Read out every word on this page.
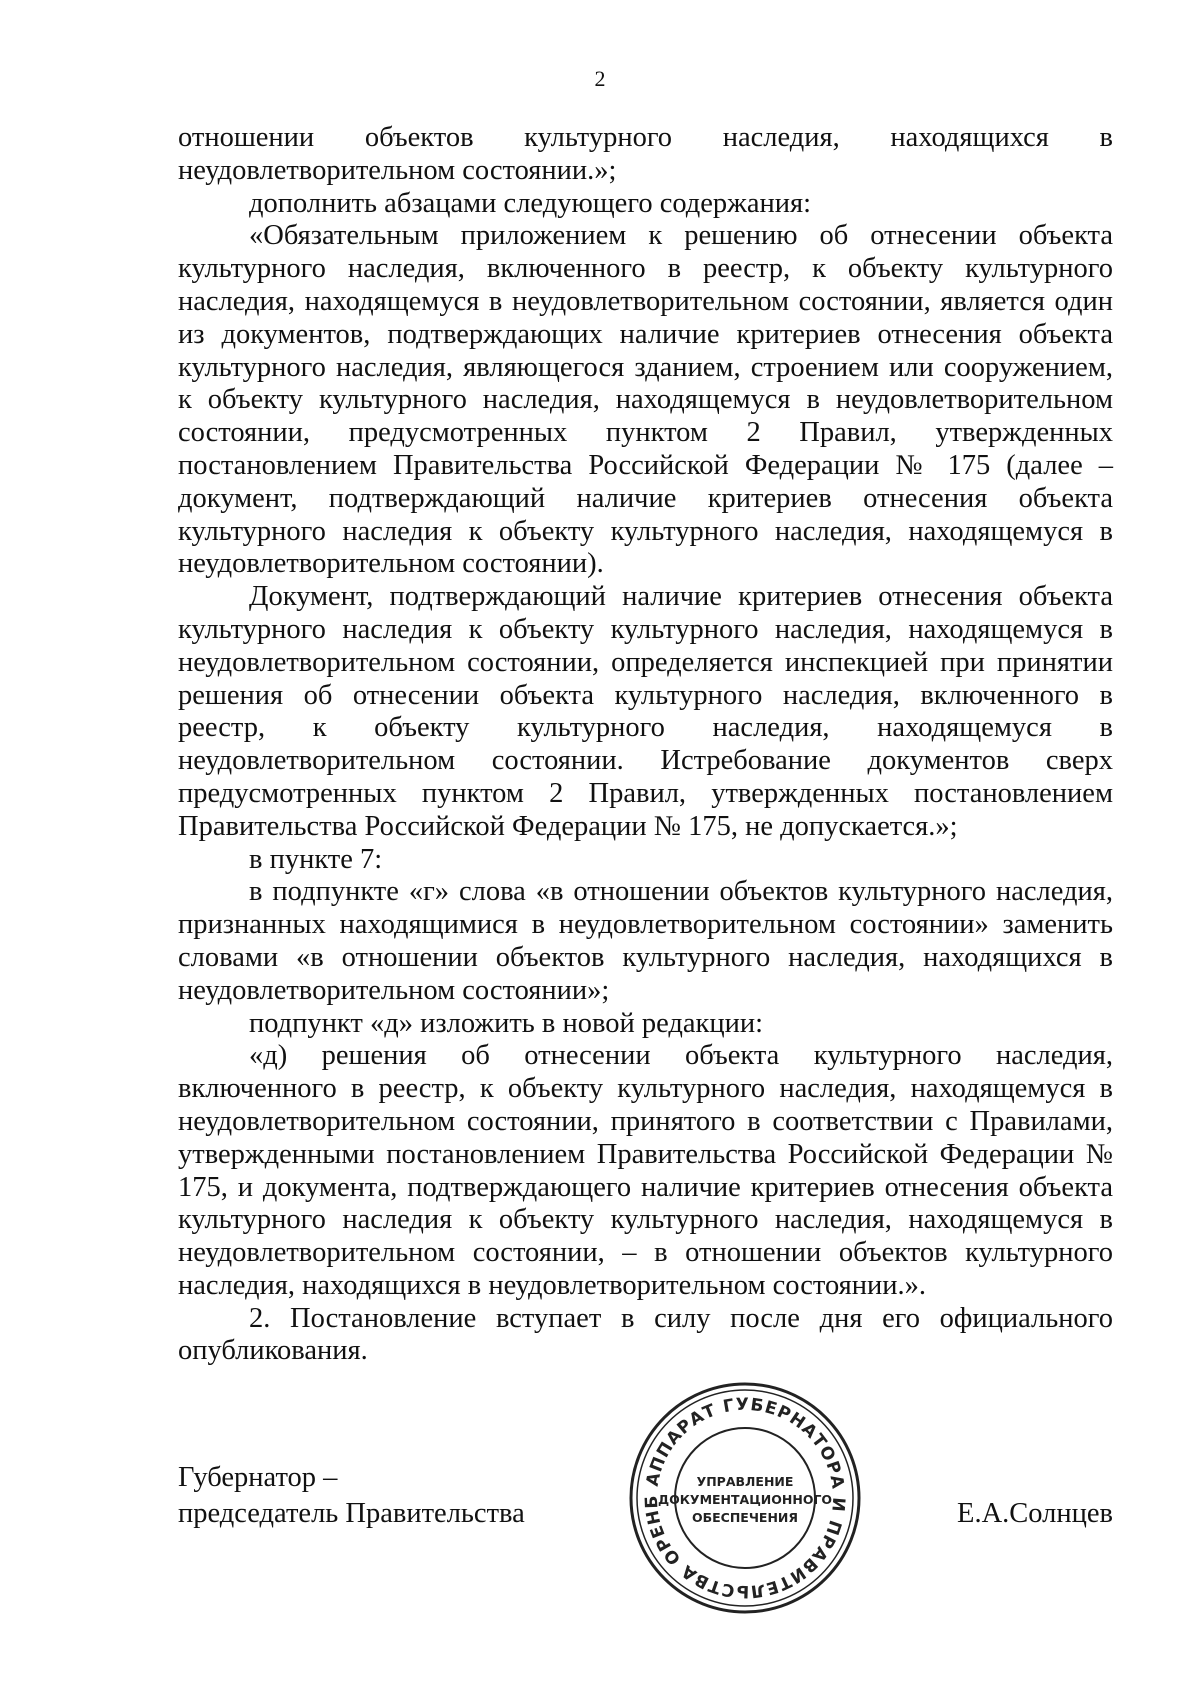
2

отношении объектов культурного наследия, находящихся в неудовлетворительном состоянии.»;

дополнить абзацами следующего содержания:

«Обязательным приложением к решению об отнесении объекта культурного наследия, включенного в реестр, к объекту культурного наследия, находящемуся в неудовлетворительном состоянии, является один из документов, подтверждающих наличие критериев отнесения объекта культурного наследия, являющегося зданием, строением или сооружением, к объекту культурного наследия, находящемуся в неудовлетворительном состоянии, предусмотренных пунктом 2 Правил, утвержденных постановлением Правительства Российской Федерации № 175 (далее – документ, подтверждающий наличие критериев отнесения объекта культурного наследия к объекту культурного наследия, находящемуся в неудовлетворительном состоянии).

Документ, подтверждающий наличие критериев отнесения объекта культурного наследия к объекту культурного наследия, находящемуся в неудовлетворительном состоянии, определяется инспекцией при принятии решения об отнесении объекта культурного наследия, включенного в реестр, к объекту культурного наследия, находящемуся в неудовлетворительном состоянии. Истребование документов сверх предусмотренных пунктом 2 Правил, утвержденных постановлением Правительства Российской Федерации № 175, не допускается.»;

в пункте 7:

в подпункте «г» слова «в отношении объектов культурного наследия, признанных находящимися в неудовлетворительном состоянии» заменить словами «в отношении объектов культурного наследия, находящихся в неудовлетворительном состоянии»;

подпункт «д» изложить в новой редакции:

«д) решения об отнесении объекта культурного наследия, включенного в реестр, к объекту культурного наследия, находящемуся в неудовлетворительном состоянии, принятого в соответствии с Правилами, утвержденными постановлением Правительства Российской Федерации № 175, и документа, подтверждающего наличие критериев отнесения объекта культурного наследия к объекту культурного наследия, находящемуся в неудовлетворительном состоянии, – в отношении объектов культурного наследия, находящихся в неудовлетворительном состоянии.».

2. Постановление вступает в силу после дня его официального опубликования.

Губернатор –
председатель Правительства	Е.А.Солнцев
АППАРАТ ГУБЕРНАТОРА И ПРАВИТЕЛЬСТВА ОРЕНБ
УПРАВЛЕНИЕ
ДОКУМЕНТАЦИОННОГО
ОБЕСПЕЧЕНИЯ
